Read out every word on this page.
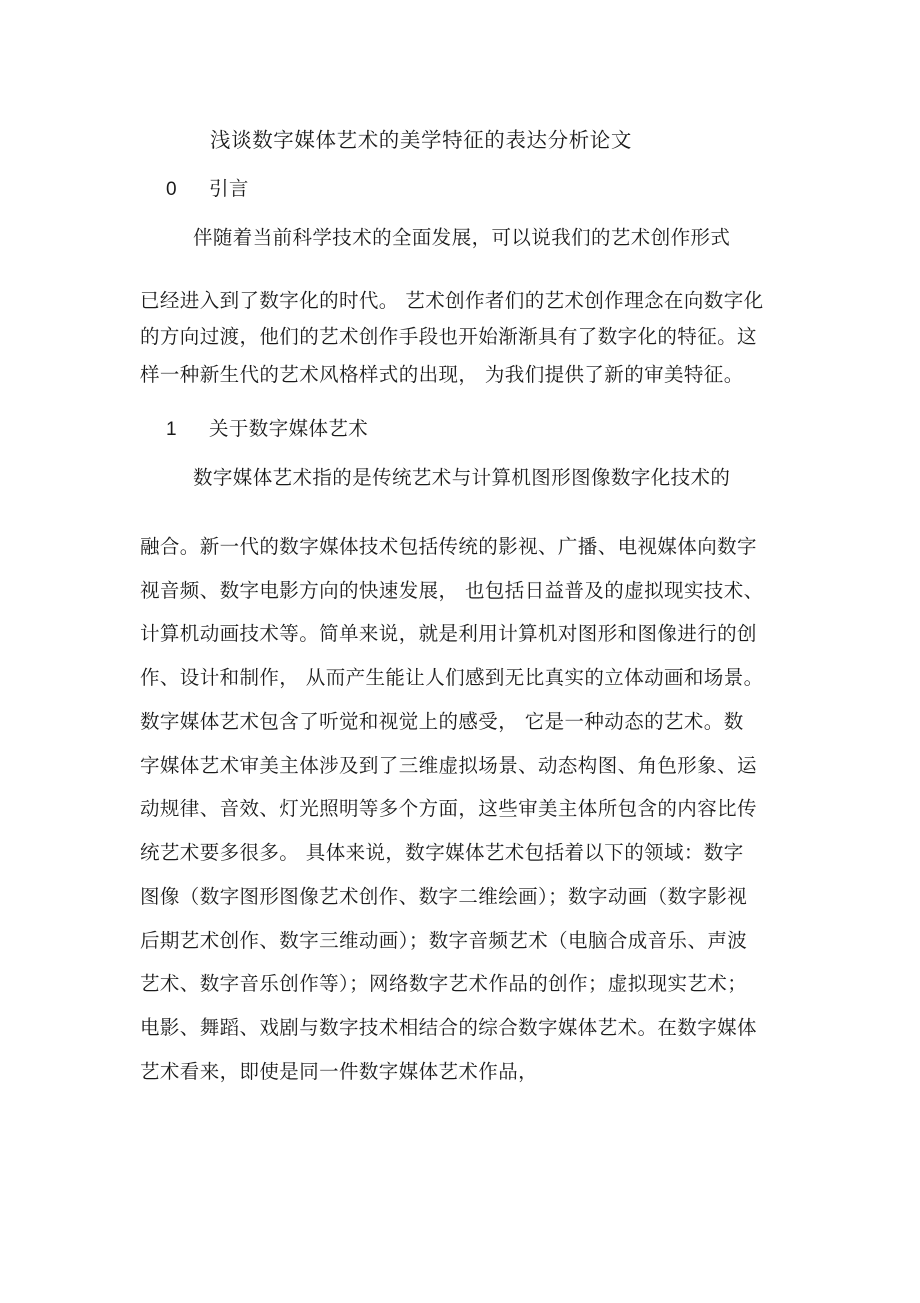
浅谈数字媒体艺术的美学特征的表达分析论文
0 引言
伴随着当前科学技术的全面发展，可以说我们的艺术创作形式
已经进入到了数字化的时代。 艺术创作者们的艺术创作理念在向数字化
的方向过渡，他们的艺术创作手段也开始渐渐具有了数字化的特征。这
样一种新生代的艺术风格样式的出现， 为我们提供了新的审美特征。
1 关于数字媒体艺术
数字媒体艺术指的是传统艺术与计算机图形图像数字化技术的
融合。新一代的数字媒体技术包括传统的影视、广播、电视媒体向数字
视音频、数字电影方向的快速发展， 也包括日益普及的虚拟现实技术、
计算机动画技术等。简单来说，就是利用计算机对图形和图像进行的创
作、设计和制作， 从而产生能让人们感到无比真实的立体动画和场景。
数字媒体艺术包含了听觉和视觉上的感受， 它是一种动态的艺术。数
字媒体艺术审美主体涉及到了三维虚拟场景、动态构图、角色形象、运
动规律、音效、灯光照明等多个方面，这些审美主体所包含的内容比传
统艺术要多很多。 具体来说，数字媒体艺术包括着以下的领域：数字
图像（数字图形图像艺术创作、数字二维绘画）；数字动画（数字影视
后期艺术创作、数字三维动画）；数字音频艺术（电脑合成音乐、声波
艺术、数字音乐创作等）；网络数字艺术作品的创作；虚拟现实艺术；
电影、舞蹈、戏剧与数字技术相结合的综合数字媒体艺术。在数字媒体
艺术看来，即使是同一件数字媒体艺术作品，
